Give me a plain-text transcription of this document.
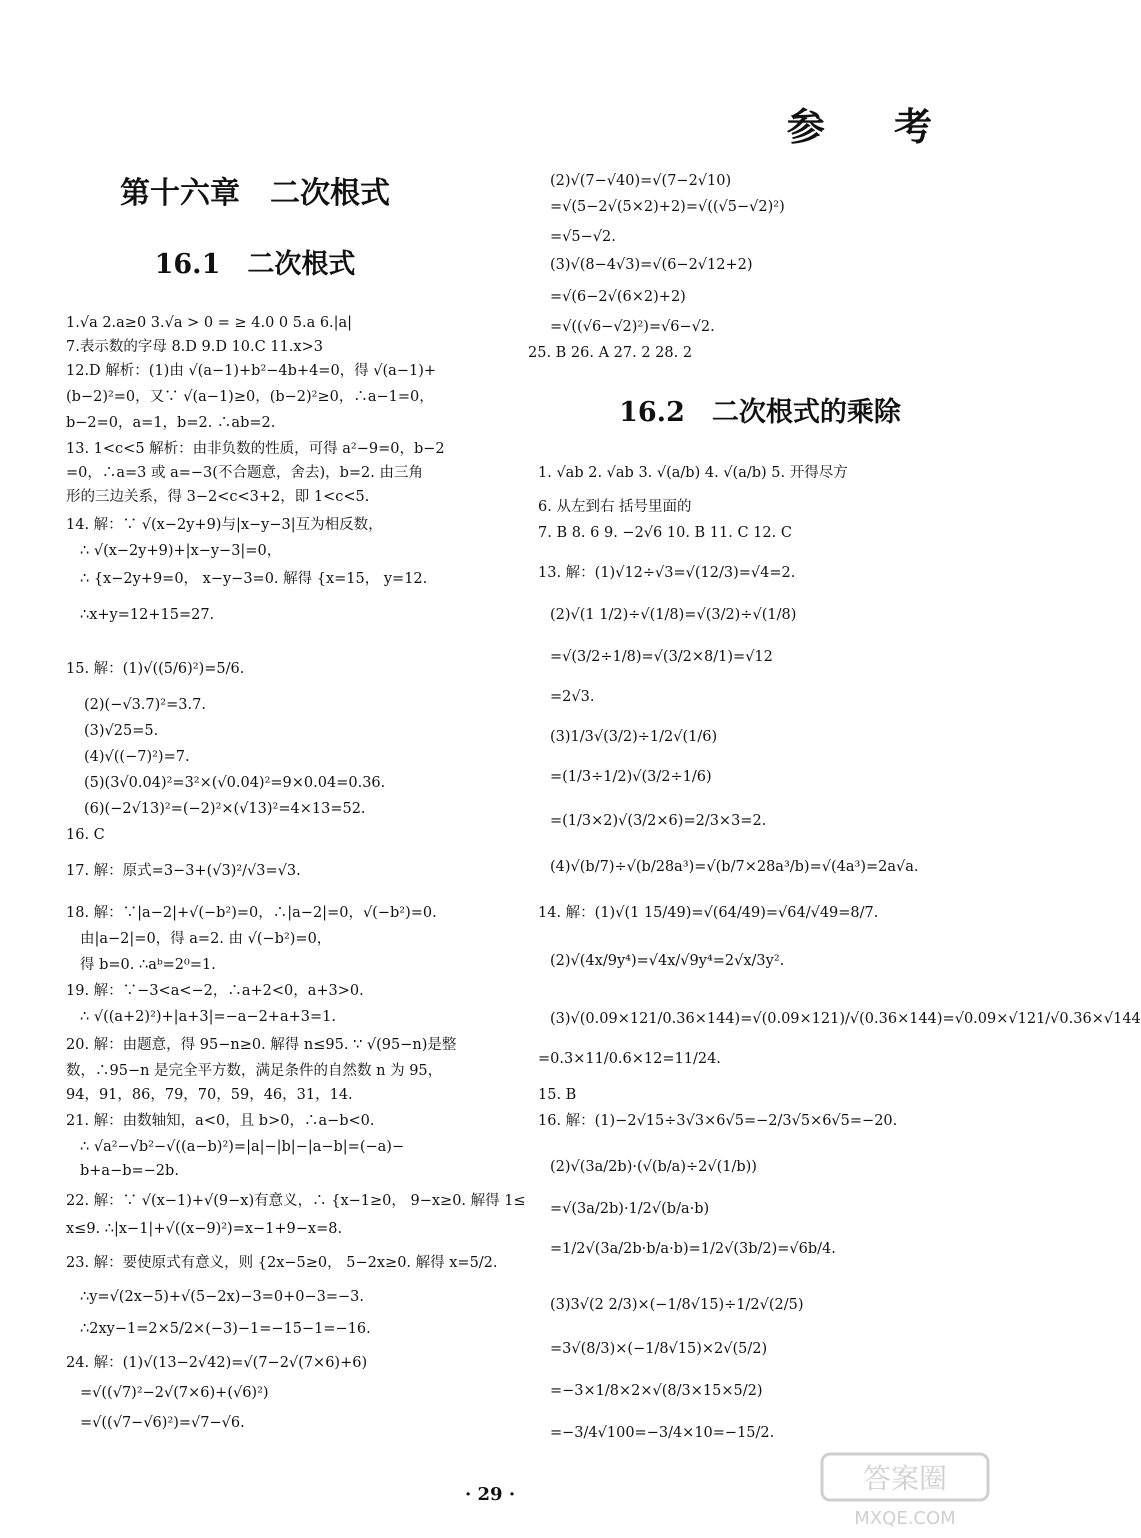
参 考
第十六章　二次根式
16.1　二次根式
16.2　二次根式的乘除
1.√a 2.a≥0 3.√a > 0 = ≥ 4.0 0 5.a 6.|a|
7.表示数的字母 8.D 9.D 10.C 11.x>3
12.D 解析：(1)由 √(a−1)+b²−4b+4=0，得 √(a−1)+
(b−2)²=0，又∵ √(a−1)≥0，(b−2)²≥0，∴a−1=0，
b−2=0，a=1，b=2. ∴ab=2.
13. 1<c<5 解析：由非负数的性质，可得 a²−9=0，b−2
=0，∴a=3 或 a=−3(不合题意，舍去)，b=2. 由三角
形的三边关系，得 3−2<c<3+2，即 1<c<5.
14. 解：∵ √(x−2y+9)与|x−y−3|互为相反数，
∴ √(x−2y+9)+|x−y−3|=0，
∴ {x−2y+9=0， x−y−3=0. 解得 {x=15， y=12.
∴x+y=12+15=27.
15. 解：(1)√((5/6)²)=5/6.
(2)(−√3.7)²=3.7.
(3)√25=5.
(4)√((−7)²)=7.
(5)(3√0.04)²=3²×(√0.04)²=9×0.04=0.36.
(6)(−2√13)²=(−2)²×(√13)²=4×13=52.
16. C
17. 解：原式=3−3+(√3)²/√3=√3.
18. 解：∵|a−2|+√(−b²)=0，∴|a−2|=0，√(−b²)=0.
由|a−2|=0，得 a=2. 由 √(−b²)=0，
得 b=0. ∴aᵇ=2⁰=1.
19. 解：∵−3<a<−2，∴a+2<0，a+3>0.
∴ √((a+2)²)+|a+3|=−a−2+a+3=1.
20. 解：由题意，得 95−n≥0. 解得 n≤95. ∵ √(95−n)是整
数，∴95−n 是完全平方数，满足条件的自然数 n 为 95，
94，91，86，79，70，59，46，31，14.
21. 解：由数轴知，a<0，且 b>0，∴a−b<0.
∴ √a²−√b²−√((a−b)²)=|a|−|b|−|a−b|=(−a)−
b+a−b=−2b.
22. 解：∵ √(x−1)+√(9−x)有意义，∴ {x−1≥0， 9−x≥0. 解得 1≤
x≤9. ∴|x−1|+√((x−9)²)=x−1+9−x=8.
23. 解：要使原式有意义，则 {2x−5≥0， 5−2x≥0. 解得 x=5/2.
∴y=√(2x−5)+√(5−2x)−3=0+0−3=−3.
∴2xy−1=2×5/2×(−3)−1=−15−1=−16.
24. 解：(1)√(13−2√42)=√(7−2√(7×6)+6)
=√((√7)²−2√(7×6)+(√6)²)
=√((√7−√6)²)=√7−√6.
(2)√(7−√40)=√(7−2√10)
=√(5−2√(5×2)+2)=√((√5−√2)²)
=√5−√2.
(3)√(8−4√3)=√(6−2√12+2)
=√(6−2√(6×2)+2)
=√((√6−√2)²)=√6−√2.
25. B 26. A 27. 2 28. 2
1. √ab 2. √ab 3. √(a/b) 4. √(a/b) 5. 开得尽方
6. 从左到右 括号里面的
7. B 8. 6 9. −2√6 10. B 11. C 12. C
13. 解：(1)√12÷√3=√(12/3)=√4=2.
(2)√(1 1/2)÷√(1/8)=√(3/2)÷√(1/8)
=√(3/2÷1/8)=√(3/2×8/1)=√12
=2√3.
(3)1/3√(3/2)÷1/2√(1/6)
=(1/3÷1/2)√(3/2÷1/6)
=(1/3×2)√(3/2×6)=2/3×3=2.
(4)√(b/7)÷√(b/28a³)=√(b/7×28a³/b)=√(4a³)=2a√a.
14. 解：(1)√(1 15/49)=√(64/49)=√64/√49=8/7.
(2)√(4x/9y⁴)=√4x/√9y⁴=2√x/3y².
(3)√(0.09×121/0.36×144)=√(0.09×121)/√(0.36×144)=√0.09×√121/√0.36×√144
=0.3×11/0.6×12=11/24.
15. B
16. 解：(1)−2√15÷3√3×6√5=−2/3√5×6√5=−20.
(2)√(3a/2b)·(√(b/a)÷2√(1/b))
=√(3a/2b)·1/2√(b/a·b)
=1/2√(3a/2b·b/a·b)=1/2√(3b/2)=√6b/4.
(3)3√(2 2/3)×(−1/8√15)÷1/2√(2/5)
=3√(8/3)×(−1/8√15)×2√(5/2)
=−3×1/8×2×√(8/3×15×5/2)
=−3/4√100=−3/4×10=−15/2.
· 29 ·	答案圈
MXQE.COM
